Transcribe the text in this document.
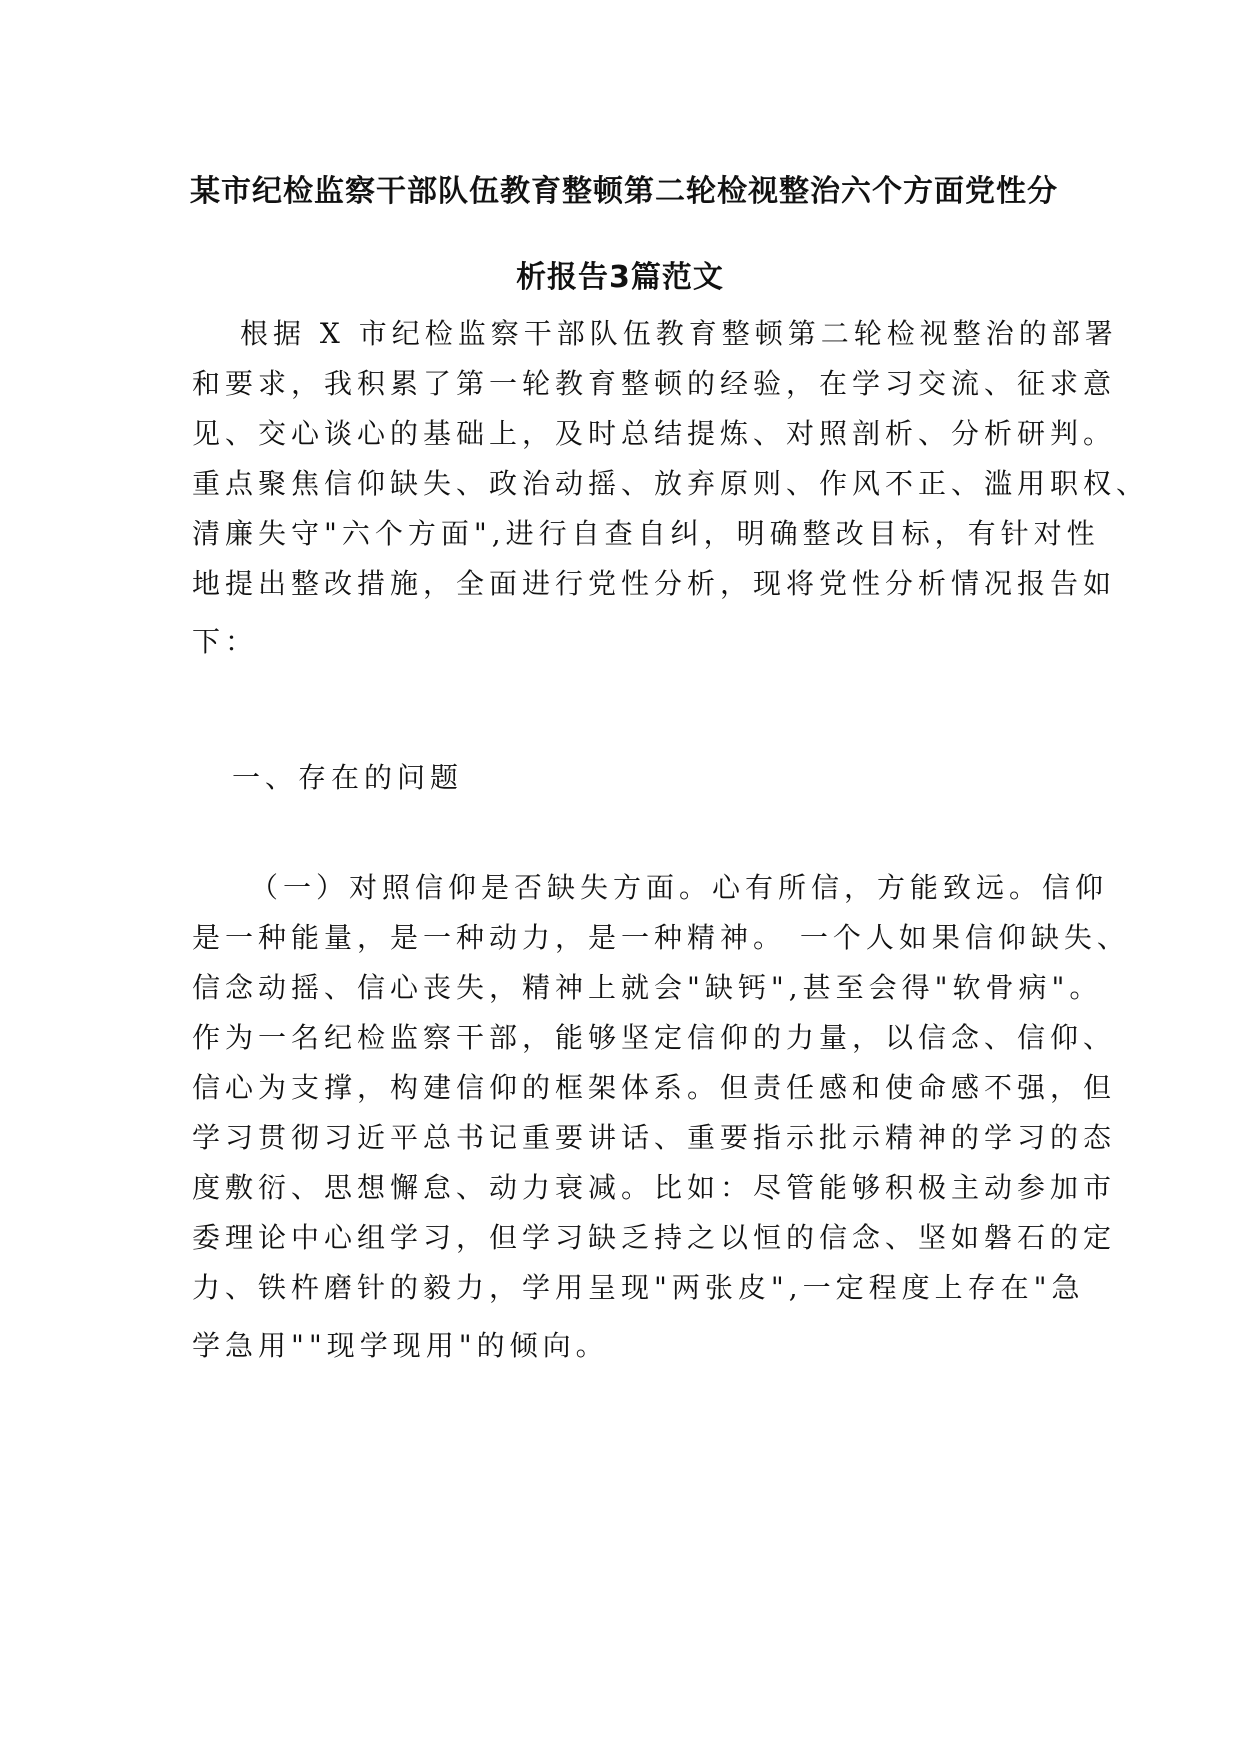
某市纪检监察干部队伍教育整顿第二轮检视整治六个方面党性分
析报告3篇范文
根据 X 市纪检监察干部队伍教育整顿第二轮检视整治的部署
和要求，我积累了第一轮教育整顿的经验，在学习交流、征求意
见、交心谈心的基础上，及时总结提炼、对照剖析、分析研判。
重点聚焦信仰缺失、政治动摇、放弃原则、作风不正、滥用职权、
清廉失守"六个方面",进行自查自纠，明确整改目标，有针对性
地提出整改措施，全面进行党性分析，现将党性分析情况报告如
下：
一、存在的问题
（一）对照信仰是否缺失方面。心有所信，方能致远。信仰
是一种能量，是一种动力，是一种精神。 一个人如果信仰缺失、
信念动摇、信心丧失，精神上就会"缺钙",甚至会得"软骨病"。
作为一名纪检监察干部，能够坚定信仰的力量，以信念、信仰、
信心为支撑，构建信仰的框架体系。但责任感和使命感不强，但
学习贯彻习近平总书记重要讲话、重要指示批示精神的学习的态
度敷衍、思想懈怠、动力衰减。比如：尽管能够积极主动参加市
委理论中心组学习，但学习缺乏持之以恒的信念、坚如磐石的定
力、铁杵磨针的毅力，学用呈现"两张皮",一定程度上存在"急
学急用""现学现用"的倾向。
